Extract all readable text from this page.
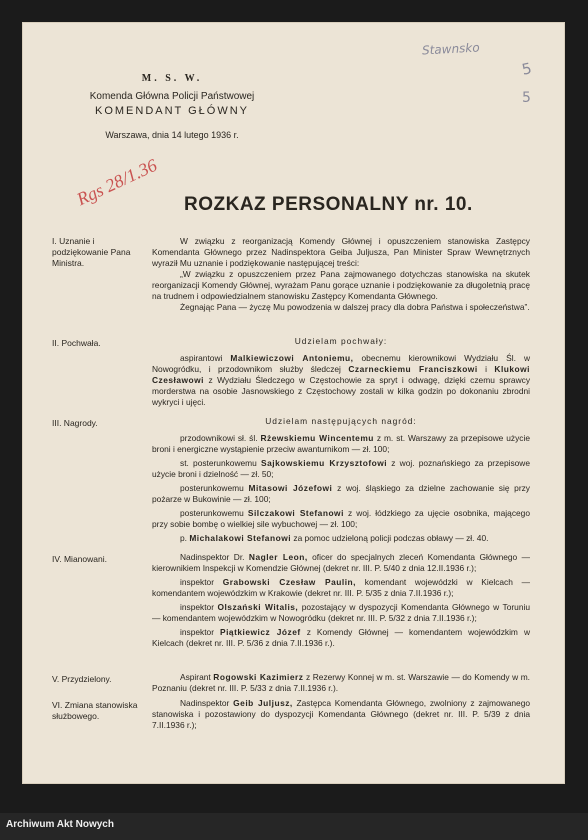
Stawnsko
5
5
Rgs 28/1.36
M. S. W.
Komenda Główna Policji Państwowej
KOMENDANT GŁÓWNY
Warszawa, dnia 14 lutego 1936 r.
ROZKAZ PERSONALNY nr. 10.
I. Uznanie i podziękowanie Pana Ministra.

W związku z reorganizacją Komendy Głównej i opuszczeniem stanowiska Zastępcy Komendanta Głównego przez Nadinspektora Geiba Juljusza, Pan Minister Spraw Wewnętrznych wyraził Mu uznanie i podziękowanie następującej treści:

„W związku z opuszczeniem przez Pana zajmowanego dotychczas stanowiska na skutek reorganizacji Komendy Głównej, wyrażam Panu gorące uznanie i podziękowanie za długoletnią pracę na trudnem i odpowiedzialnem stanowisku Zastępcy Komendanta Głównego.

Żegnając Pana — życzę Mu powodzenia w dalszej pracy dla dobra Państwa i społeczeństwa”.

II. Pochwała.	Udzielam pochwały:

aspirantowi Malkiewiczowi Antoniemu, obecnemu kierownikowi Wydziału Śl. w Nowogródku, i przodownikom służby śledczej Czarneckiemu Franciszkowi i Klukowi Czesławowi z Wydziału Śledczego w Częstochowie za spryt i odwagę, dzięki czemu sprawcy morderstwa na osobie Jasnowskiego z Częstochowy zostali w kilka godzin po dokonaniu zbrodni wykryci i ujęci.

III. Nagrody.	Udzielam następujących nagród:

przodownikowi sł. śl. Rżewskiemu Wincentemu z m. st. Warszawy za przepisowe użycie broni i energiczne wystąpienie przeciw awanturnikom — zł. 100;

st. posterunkowemu Sajkowskiemu Krzysztofowi z woj. poznańskiego za przepisowe użycie broni i dzielność — zł. 50;

posterunkowemu Mitasowi Józefowi z woj. śląskiego za dzielne zachowanie się przy pożarze w Bukowinie — zł. 100;

posterunkowemu Silczakowi Stefanowi z woj. łódzkiego za ujęcie osobnika, mającego przy sobie bombę o wielkiej sile wybuchowej — zł. 100;

p. Michalakowi Stefanowi za pomoc udzieloną policji podczas obławy — zł. 40.

IV. Mianowani.	Nadinspektor Dr. Nagler Leon, oficer do specjalnych zleceń Komendanta Głównego — kierownikiem Inspekcji w Komendzie Głównej (dekret nr. III. P. 5/40 z dnia 12.II.1936 r.);

inspektor Grabowski Czesław Paulin, komendant wojewódzki w Kielcach — komendantem wojewódzkim w Krakowie (dekret nr. III. P. 5/35 z dnia 7.II.1936 r.);

inspektor Olszański Witalis, pozostający w dyspozycji Komendanta Głównego w Toruniu — komendantem wojewódzkim w Nowogródku (dekret nr. III. P. 5/32 z dnia 7.II.1936 r.);

inspektor Piątkiewicz Józef z Komendy Głównej — komendantem wojewódzkim w Kielcach (dekret nr. III. P. 5/36 z dnia 7.II.1936 r.).

V. Przydzielony.	Aspirant Rogowski Kazimierz z Rezerwy Konnej w m. st. Warszawie — do Komendy w m. Poznaniu (dekret nr. III. P. 5/33 z dnia 7.II.1936 r.).

VI. Zmiana stanowiska służbowego.

Nadinspektor Geib Juljusz, Zastępca Komendanta Głównego, zwolniony z zajmowanego stanowiska i pozostawiony do dyspozycji Komendanta Głównego (dekret nr. III. P. 5/39 z dnia 7.II.1936 r.);

Archiwum Akt Nowych
